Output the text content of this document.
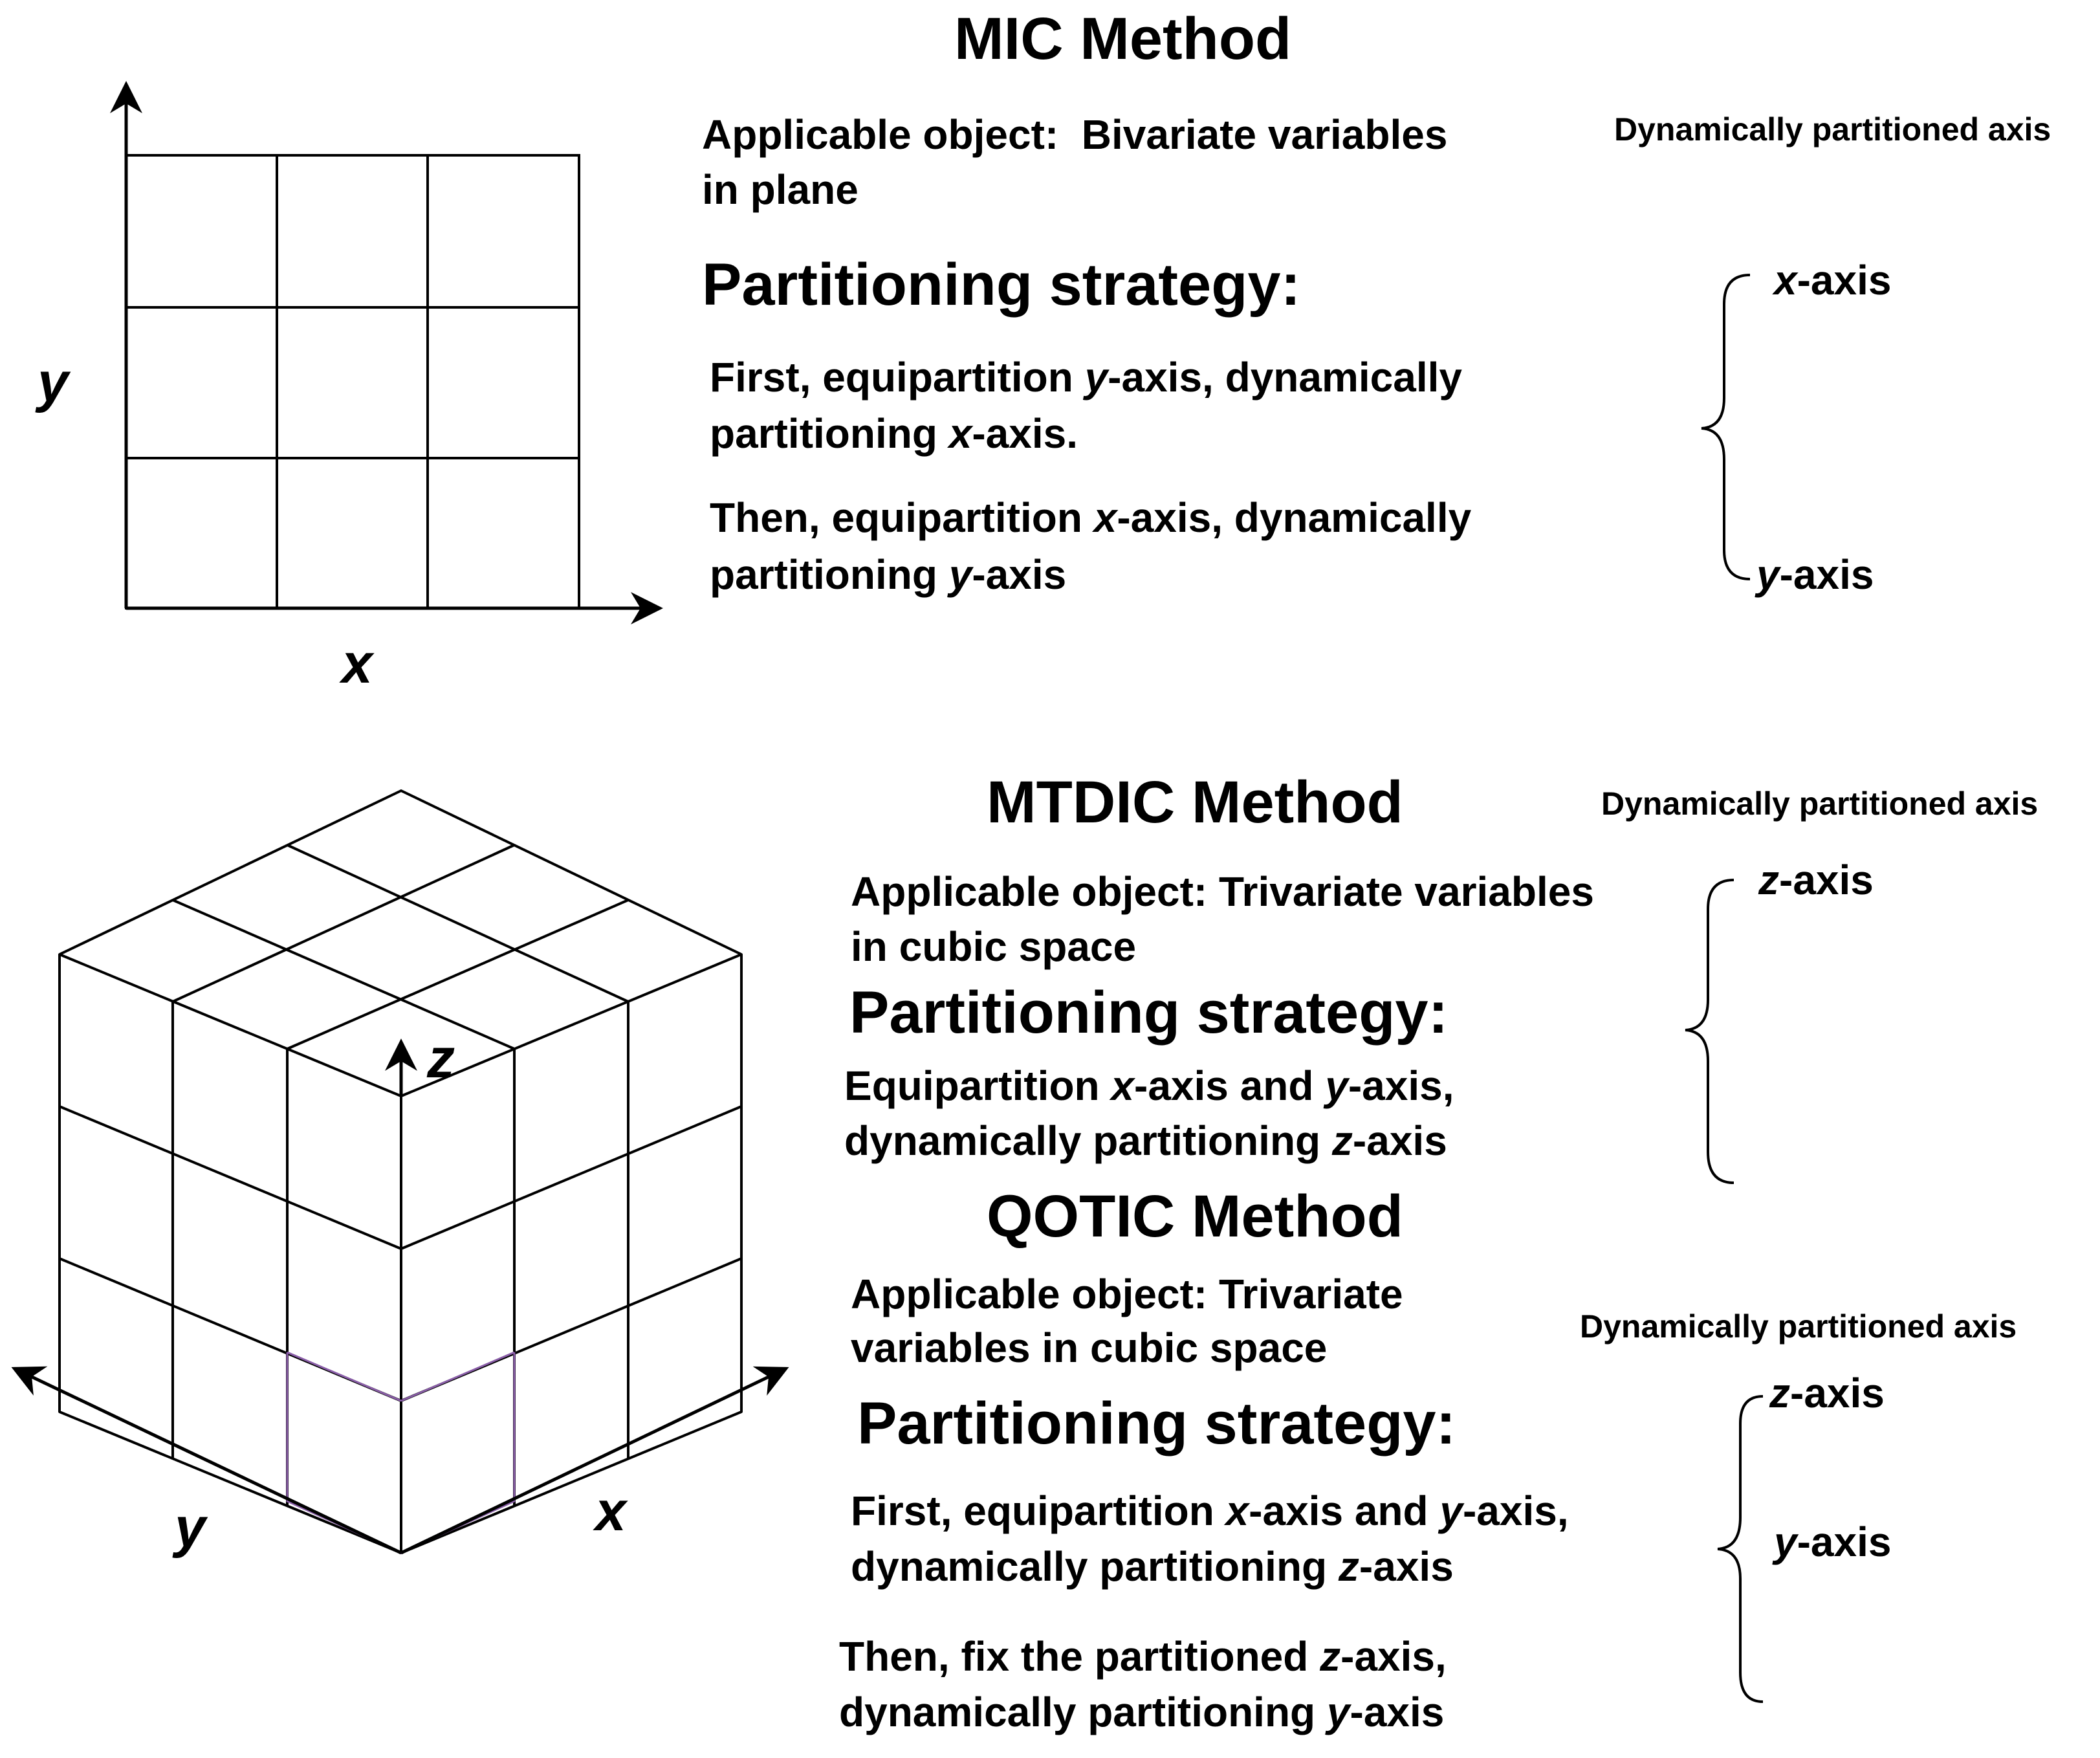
y
x
z
y	x
MIC Method
Applicable object: Bivariate variables
in plane
Partitioning strategy:
First, equipartition y-axis, dynamically
partitioning x-axis.
Then, equipartition x-axis, dynamically
partitioning y-axis
Dynamically partitioned axis
x-axis
y-axis
MTDIC Method	Dynamically partitioned axis
Applicable object: Trivariate variables
in cubic space
Partitioning strategy:
Equipartition x-axis and y-axis,
dynamically partitioning z-axis
z-axis
QOTIC Method
Applicable object: Trivariate
variables in cubic space	Dynamically partitioned axis
Partitioning strategy:
First, equipartition x-axis and y-axis,
dynamically partitioning z-axis
Then, fix the partitioned z-axis,
dynamically partitioning y-axis
z-axis
y-axis
